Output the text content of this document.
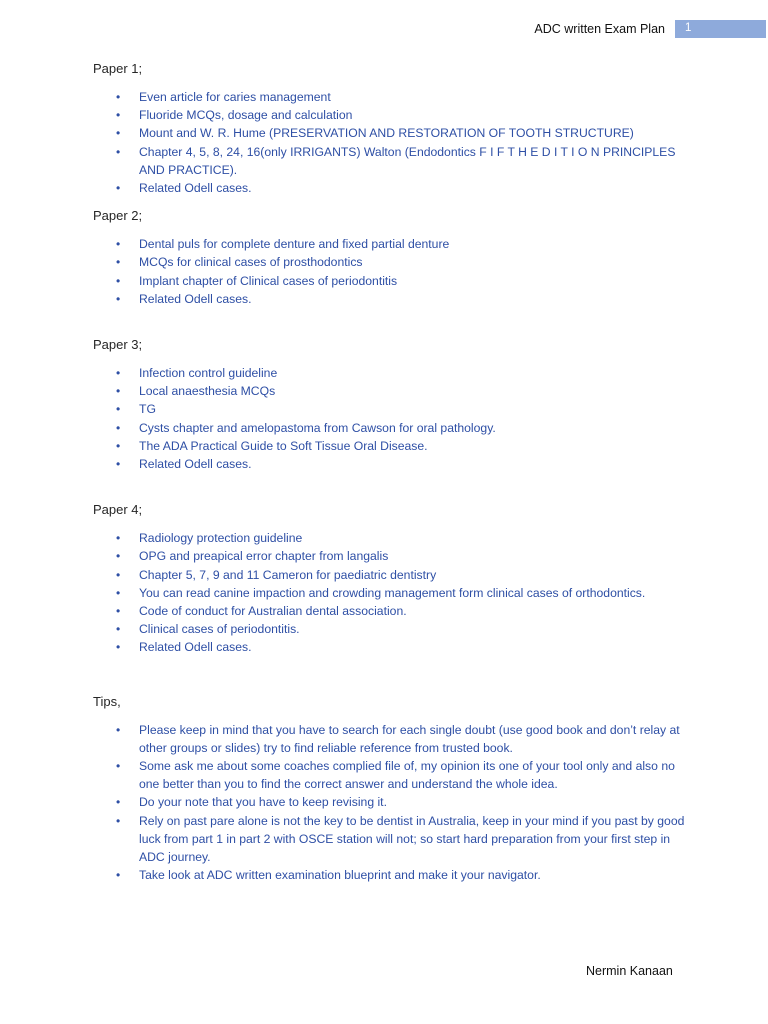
ADC written Exam Plan 1
Paper 1;
• Even article for caries management
• Fluoride MCQs, dosage and calculation
• Mount and W. R. Hume (PRESERVATION AND RESTORATION OF TOOTH STRUCTURE)
• Chapter 4, 5, 8, 24, 16(only IRRIGANTS) Walton (Endodontics F I F T H E D I T I O N PRINCIPLES AND PRACTICE).
• Related Odell cases.
Paper 2;
• Dental puls for complete denture and fixed partial denture
• MCQs for clinical cases of prosthodontics
• Implant chapter of Clinical cases of periodontitis
• Related Odell cases.
Paper 3;
• Infection control guideline
• Local anaesthesia MCQs
• TG
• Cysts chapter and amelopastoma from Cawson for oral pathology.
• The ADA Practical Guide to Soft Tissue Oral Disease.
• Related Odell cases.
Paper 4;
• Radiology protection guideline
• OPG and preapical error chapter from langalis
• Chapter 5, 7, 9 and 11 Cameron for paediatric dentistry
• You can read canine impaction and crowding management form clinical cases of orthodontics.
• Code of conduct for Australian dental association.
• Clinical cases of periodontitis.
• Related Odell cases.
Tips,
• Please keep in mind that you have to search for each single doubt (use good book and don’t relay at other groups or slides) try to find reliable reference from trusted book.
• Some ask me about some coaches complied file of, my opinion its one of your tool only and also no one better than you to find the correct answer and understand the whole idea.
• Do your note that you have to keep revising it.
• Rely on past pare alone is not the key to be dentist in Australia, keep in your mind if you past by good luck from part 1 in part 2 with OSCE station will not; so start hard preparation from your first step in ADC journey.
• Take look at ADC written examination blueprint and make it your navigator.
Nermin Kanaan
